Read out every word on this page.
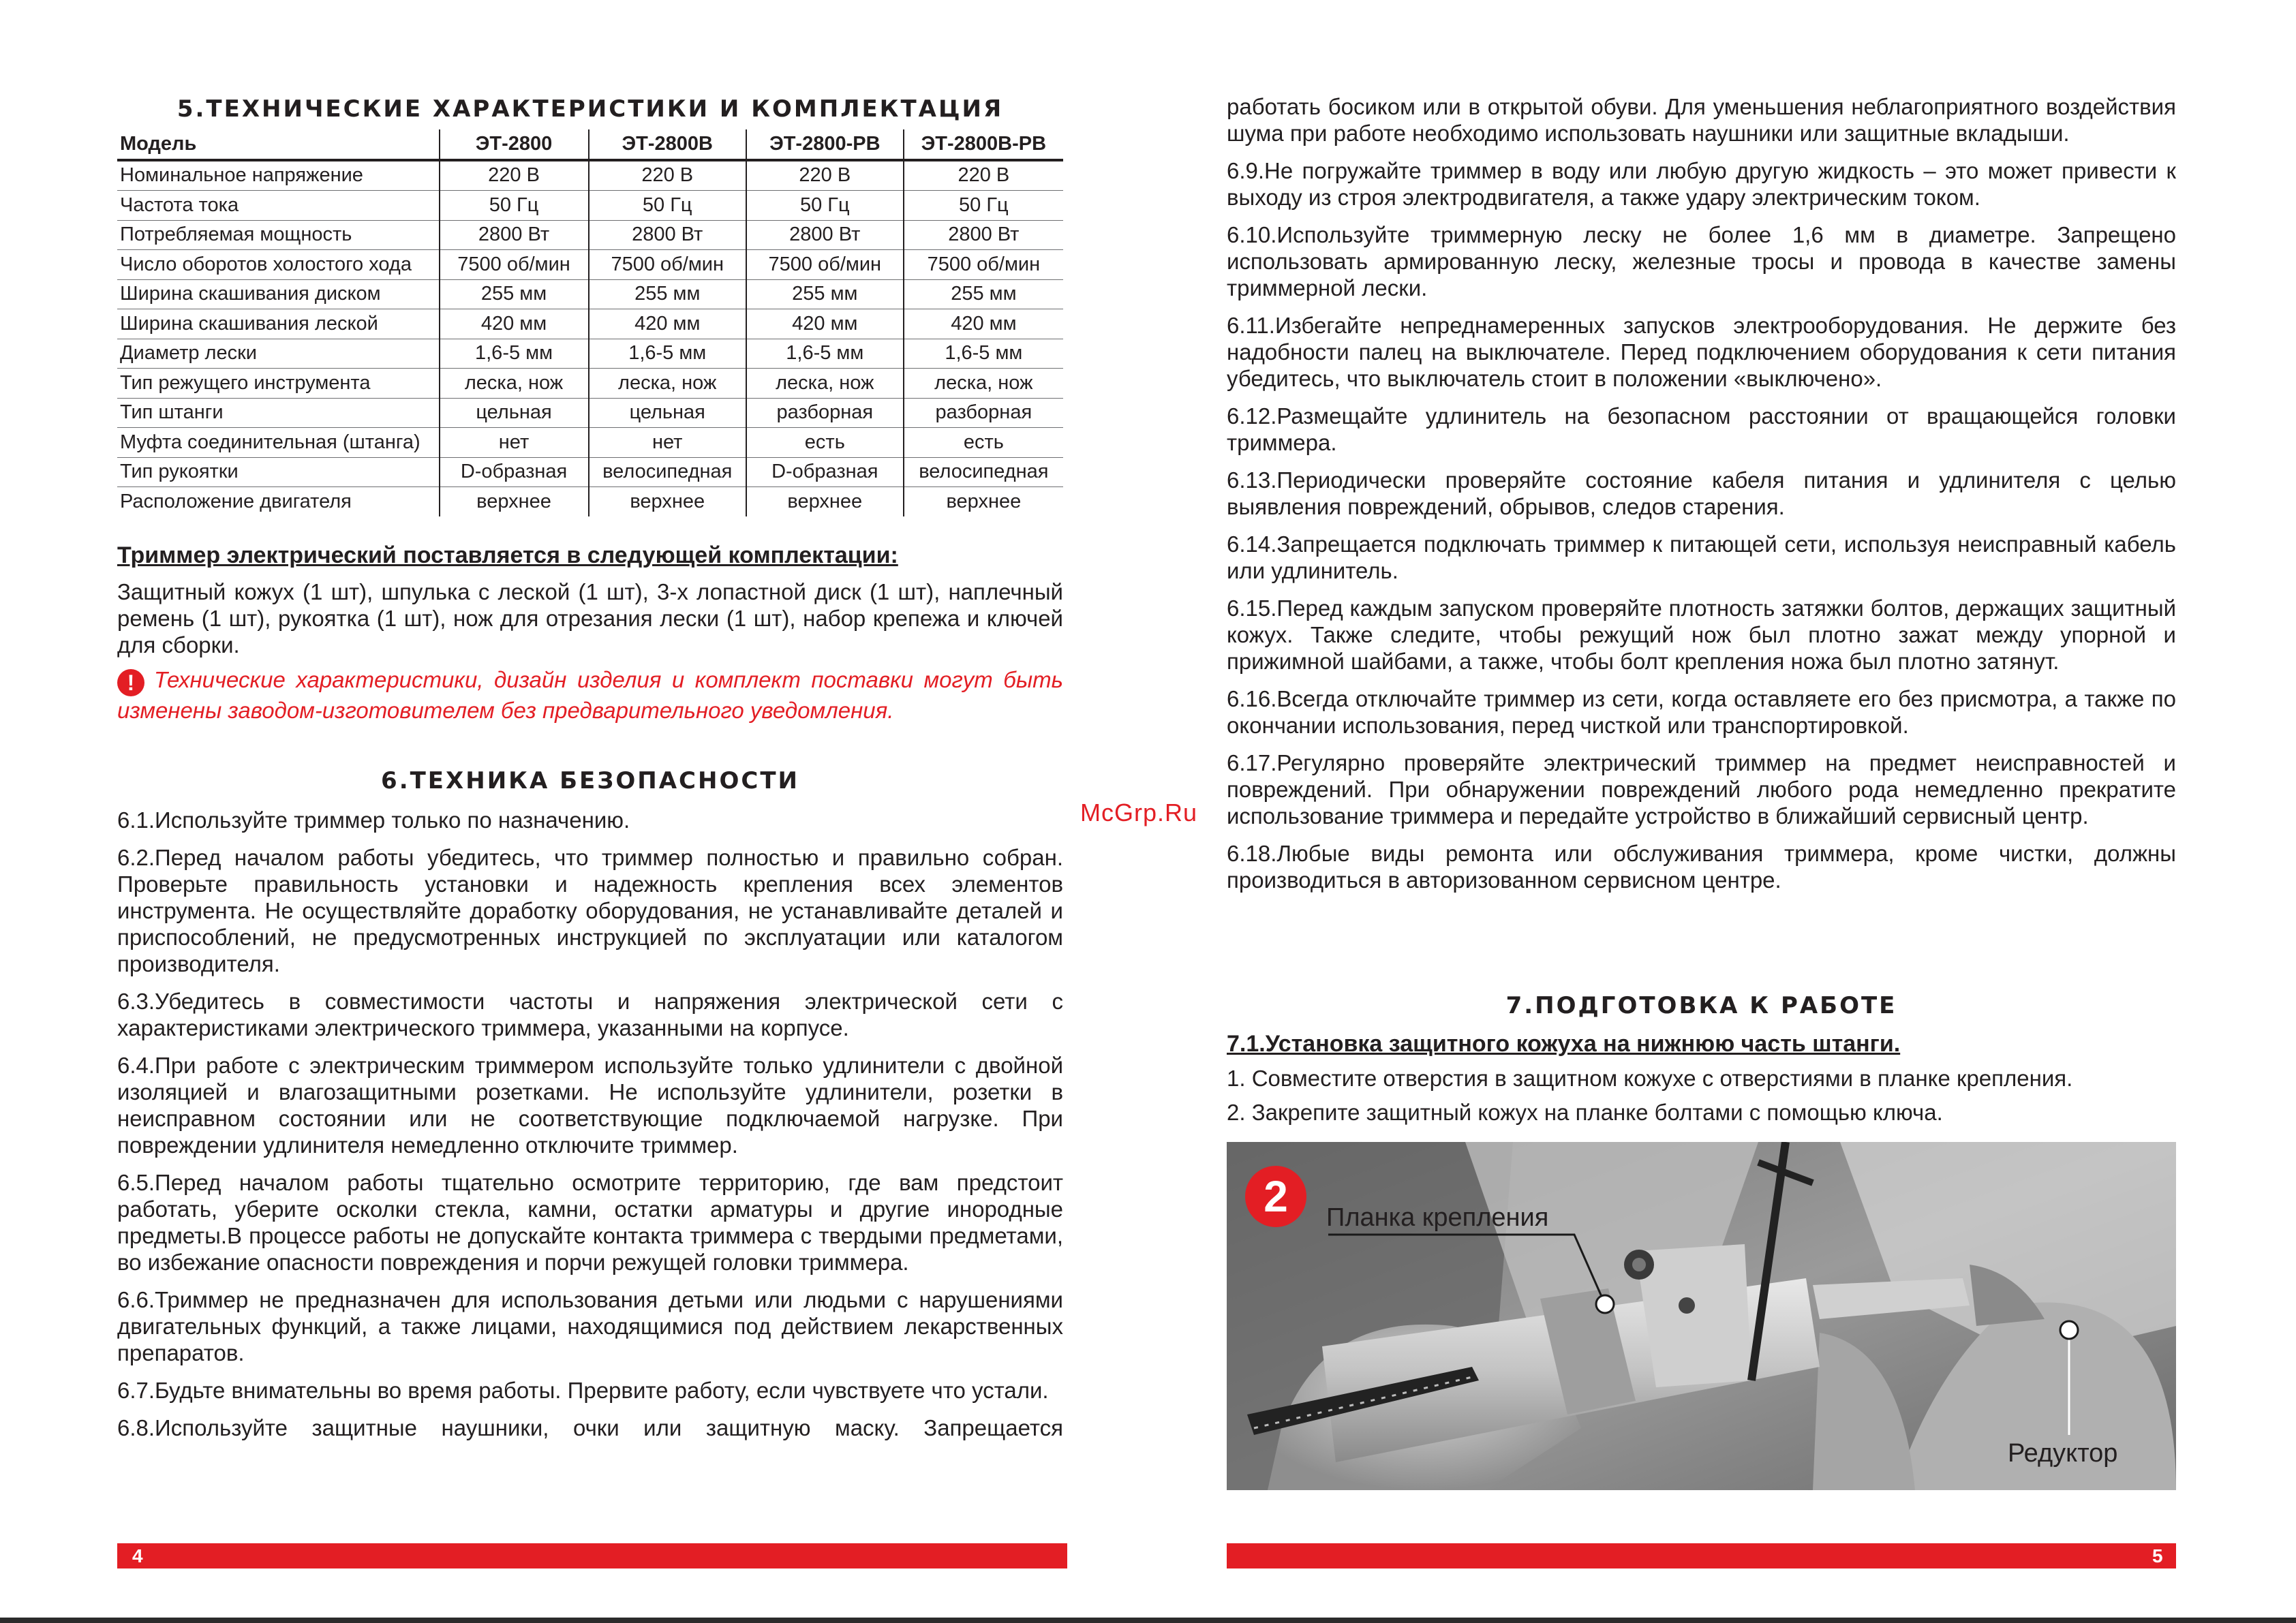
5.ТЕХНИЧЕСКИЕ ХАРАКТЕРИСТИКИ И КОМПЛЕКТАЦИЯ
Модель	ЭТ-2800	ЭТ-2800В	ЭТ-2800-РВ	ЭТ-2800В-РВ
Номинальное напряжение	220 В	220 В	220 В	220 В
Частота тока	50 Гц	50 Гц	50 Гц	50 Гц
Потребляемая мощность	2800 Вт	2800 Вт	2800 Вт	2800 Вт
Число оборотов холостого хода	7500 об/мин	7500 об/мин	7500 об/мин	7500 об/мин
Ширина скашивания диском	255 мм	255 мм	255 мм	255 мм
Ширина скашивания леской	420 мм	420 мм	420 мм	420 мм
Диаметр лески	1,6-5 мм	1,6-5 мм	1,6-5 мм	1,6-5 мм
Тип режущего инструмента	леска, нож	леска, нож	леска, нож	леска, нож
Тип штанги	цельная	цельная	разборная	разборная
Муфта соединительная (штанга)	нет	нет	есть	есть
Тип рукоятки	D-образная	велосипедная	D-образная	велосипедная
Расположение двигателя	верхнее	верхнее	верхнее	верхнее
Триммер электрический поставляется в следующей комплектации:
Защитный кожух (1 шт), шпулька с леской (1 шт), 3-х лопастной диск (1 шт), наплечный ремень (1 шт), рукоятка (1 шт), нож для отрезания лески (1 шт), набор крепежа и ключей для сборки.
! Технические характеристики, дизайн изделия и комплект поставки могут быть изменены заводом-изготовителем без предварительного уведомления.
6.ТЕХНИКА БЕЗОПАСНОСТИ

6.1.Используйте триммер только по назначению.

6.2.Перед началом работы убедитесь, что триммер полностью и правильно собран. Проверьте правильность установки и надежность крепления всех элементов инструмента. Не осуществляйте доработку оборудования, не устанавливайте деталей и приспособлений, не предусмотренных инструкцией по эксплуатации или каталогом производителя.

6.3.Убедитесь в совместимости частоты и напряжения электрической сети с характеристиками электрического триммера, указанными на корпусе.

6.4.При работе с электрическим триммером используйте только удлинители с двойной изоляцией и влагозащитными розетками. Не используйте удлинители, розетки в неисправном состоянии или не соответствующие подключаемой нагрузке. При повреждении удлинителя немедленно отключите триммер.

6.5.Перед началом работы тщательно осмотрите территорию, где вам предстоит работать, уберите осколки стекла, камни, остатки арматуры и другие инородные предметы.В процессе работы не допускайте контакта триммера с твердыми предметами, во избежание опасности повреждения и порчи режущей головки триммера.

6.6.Триммер не предназначен для использования детьми или людьми с нарушениями двигательных функций, а также лицами, находящимися под действием лекарственных препаратов.

6.7.Будьте внимательны во время работы. Прервите работу, если чувствуете что устали.

6.8.Используйте защитные наушники, очки или защитную маску. Запрещается

4
McGrp.Ru

работать босиком или в открытой обуви. Для уменьшения неблагоприятного воздействия шума при работе необходимо использовать наушники или защитные вкладыши.

6.9.Не погружайте триммер в воду или любую другую жидкость – это может привести к выходу из строя электродвигателя, а также удару электрическим током.

6.10.Используйте триммерную леску не более 1,6 мм в диаметре. Запрещено использовать армированную леску, железные тросы и провода в качестве замены триммерной лески.

6.11.Избегайте непреднамеренных запусков электрооборудования. Не держите без надобности палец на выключателе. Перед подключением оборудования к сети питания убедитесь, что выключатель стоит в положении «выключено».

6.12.Размещайте удлинитель на безопасном расстоянии от вращающейся головки триммера.

6.13.Периодически проверяйте состояние кабеля питания и удлинителя с целью выявления повреждений, обрывов, следов старения.

6.14.Запрещается подключать триммер к питающей сети, используя неисправный кабель или удлинитель.

6.15.Перед каждым запуском проверяйте плотность затяжки болтов, держащих защитный кожух. Также следите, чтобы режущий нож был плотно зажат между упорной и прижимной шайбами, а также, чтобы болт крепления ножа был плотно затянут.

6.16.Всегда отключайте триммер из сети, когда оставляете его без присмотра, а также по окончании использования, перед чисткой или транспортировкой.

6.17.Регулярно проверяйте электрический триммер на предмет неисправностей и повреждений. При обнаружении повреждений любого рода немедленно прекратите использование триммера и передайте устройство в ближайший сервисный центр.

6.18.Любые виды ремонта или обслуживания триммера, кроме чистки, должны производиться в авторизованном сервисном центре.

7.ПОДГОТОВКА К РАБОТЕ
7.1.Установка защитного кожуха на нижнюю часть штанги.
1. Совместите отверстия в защитном кожухе с отверстиями в планке крепления.
2. Закрепите защитный кожух на планке болтами с помощью ключа.
5
2	Планка крепления
Редуктор
